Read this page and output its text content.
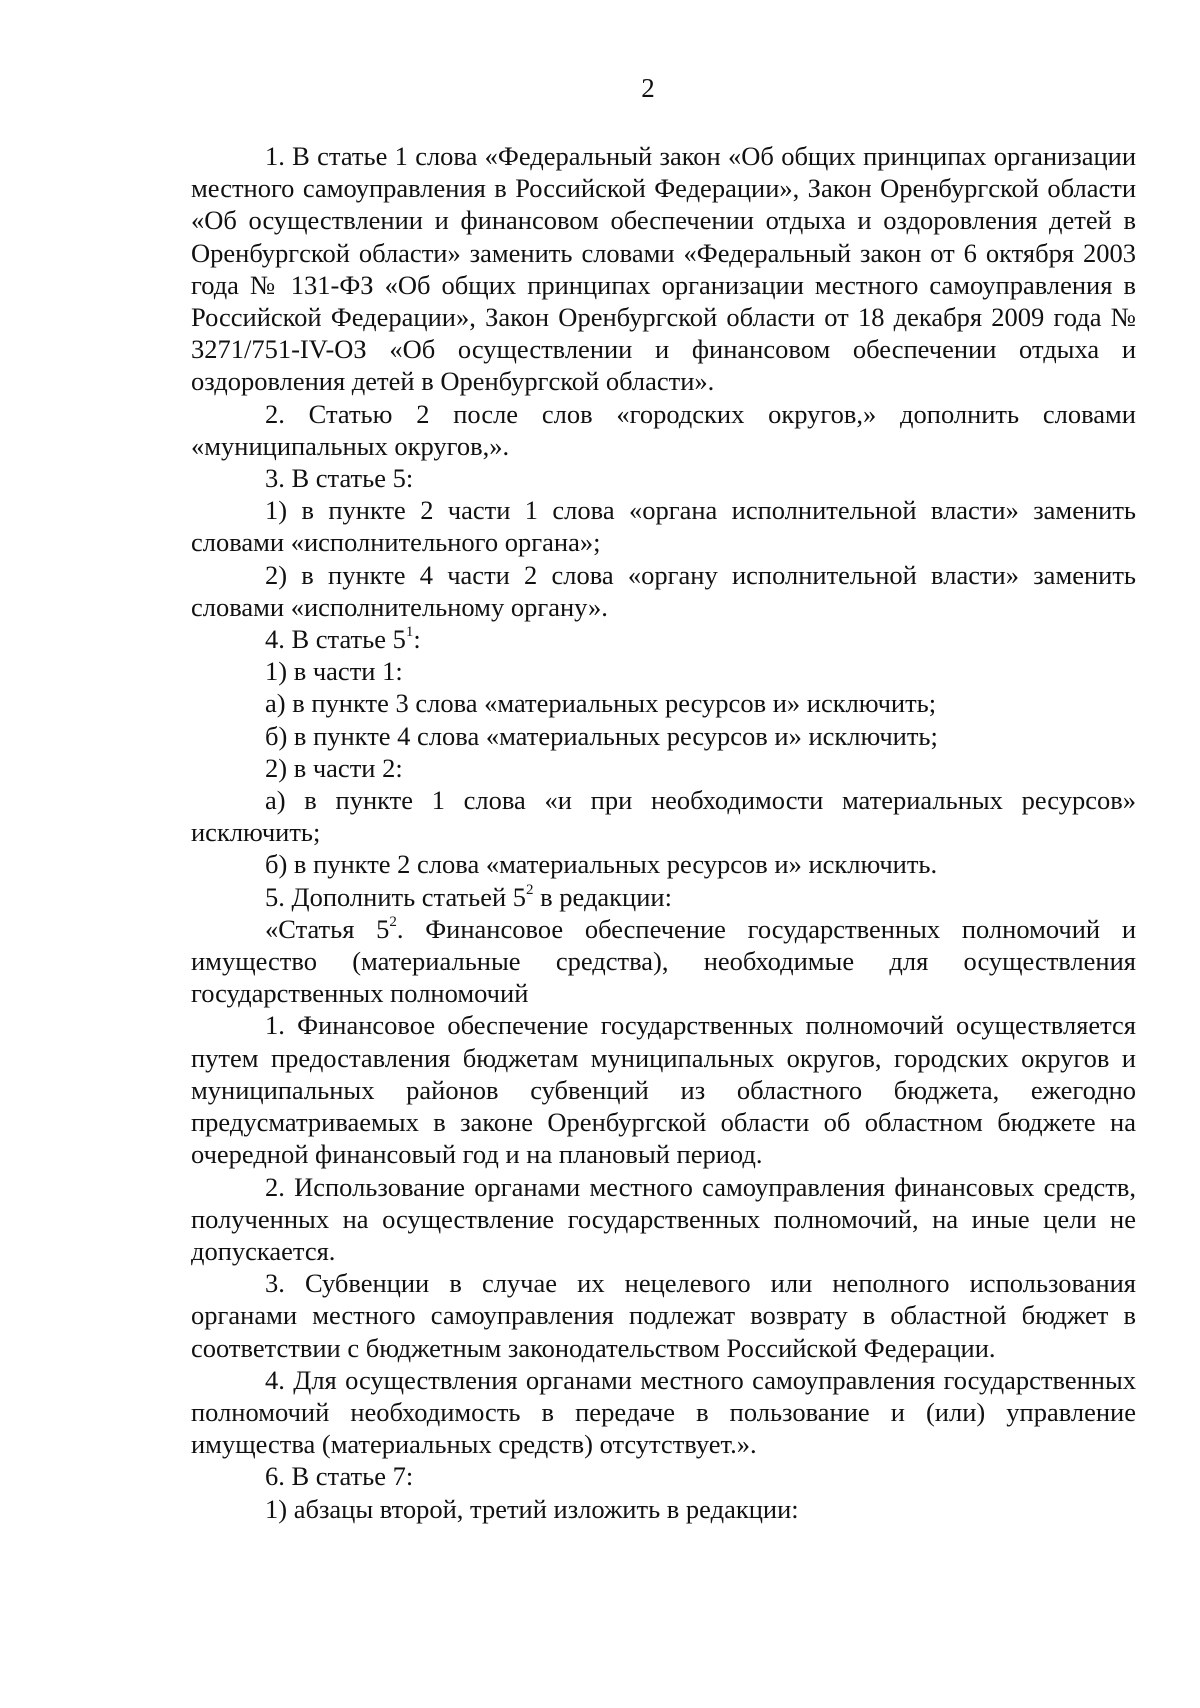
2

1. В статье 1 слова «Федеральный закон «Об общих принципах организации местного самоуправления в Российской Федерации», Закон Оренбургской области «Об осуществлении и финансовом обеспечении отдыха и оздоровления детей в Оренбургской области» заменить словами «Федеральный закон от 6 октября 2003 года № 131-ФЗ «Об общих принципах организации местного самоуправления в Российской Федерации», Закон Оренбургской области от 18 декабря 2009 года № 3271/751-IV-ОЗ «Об осуществлении и финансовом обеспечении отдыха и оздоровления детей в Оренбургской области».

2. Статью 2 после слов «городских округов,» дополнить словами «муниципальных округов,».

3. В статье 5:

1) в пункте 2 части 1 слова «органа исполнительной власти» заменить словами «исполнительного органа»;

2) в пункте 4 части 2 слова «органу исполнительной власти» заменить словами «исполнительному органу».

4. В статье $5^1$:

1) в части 1:

а) в пункте 3 слова «материальных ресурсов и» исключить;

б) в пункте 4 слова «материальных ресурсов и» исключить;

2) в части 2:

а) в пункте 1 слова «и при необходимости материальных ресурсов» исключить;

б) в пункте 2 слова «материальных ресурсов и» исключить.

5. Дополнить статьей $5^2$ в редакции:

«Статья $5^2$. Финансовое обеспечение государственных полномочий и имущество (материальные средства), необходимые для осуществления государственных полномочий

1. Финансовое обеспечение государственных полномочий осуществляется путем предоставления бюджетам муниципальных округов, городских округов и муниципальных районов субвенций из областного бюджета, ежегодно предусматриваемых в законе Оренбургской области об областном бюджете на очередной финансовый год и на плановый период.

2. Использование органами местного самоуправления финансовых средств, полученных на осуществление государственных полномочий, на иные цели не допускается.

3. Субвенции в случае их нецелевого или неполного использования органами местного самоуправления подлежат возврату в областной бюджет в соответствии с бюджетным законодательством Российской Федерации.

4. Для осуществления органами местного самоуправления государственных полномочий необходимость в передаче в пользование и (или) управление имущества (материальных средств) отсутствует.».

6. В статье 7:

1) абзацы второй, третий изложить в редакции:
